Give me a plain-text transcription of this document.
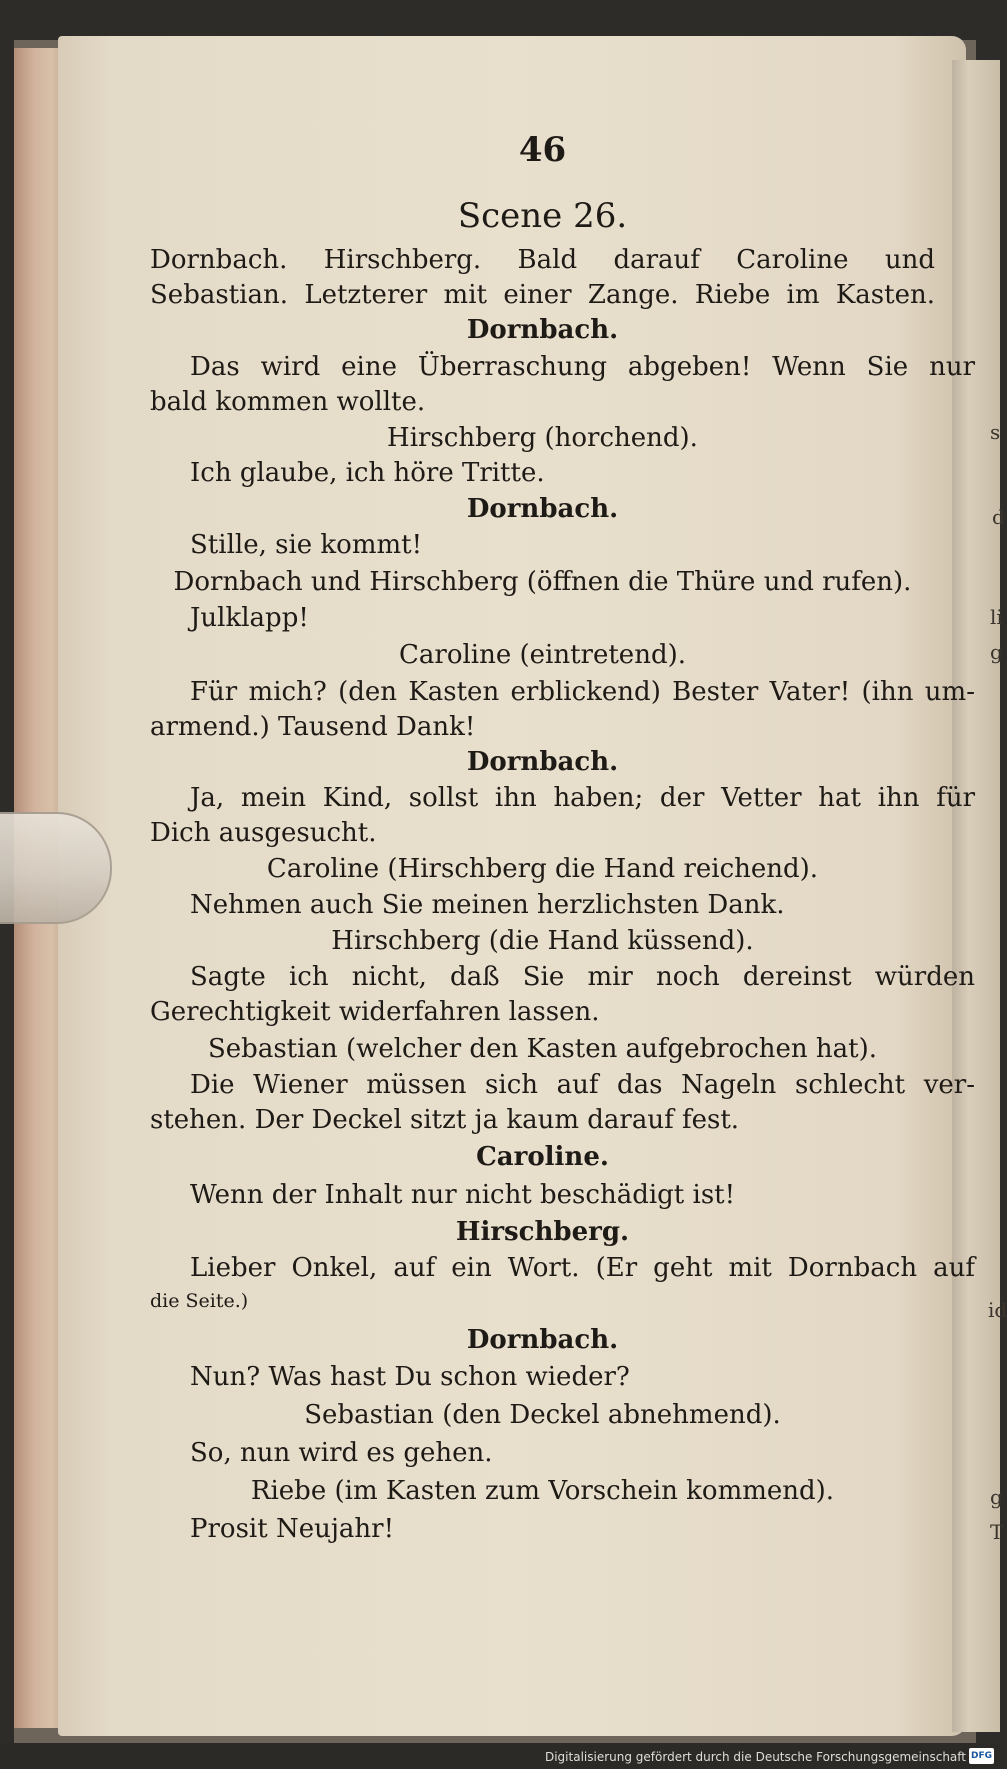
s
d
li
g
id
g
T
46
Scene 26.
Dornbach. Hirschberg. Bald darauf Caroline und
Sebastian. Letzterer mit einer Zange. Riebe im Kasten.
Dornbach.
Das wird eine Überraschung abgeben! Wenn Sie nur
bald kommen wollte.
Hirschberg (horchend).
Ich glaube, ich höre Tritte.
Dornbach.
Stille, sie kommt!
Dornbach und Hirschberg (öffnen die Thüre und rufen).
Julklapp!
Caroline (eintretend).
Für mich? (den Kasten erblickend) Bester Vater! (ihn um-
armend.) Tausend Dank!
Dornbach.
Ja, mein Kind, sollst ihn haben; der Vetter hat ihn für
Dich ausgesucht.
Caroline (Hirschberg die Hand reichend).
Nehmen auch Sie meinen herzlichsten Dank.
Hirschberg (die Hand küssend).
Sagte ich nicht, daß Sie mir noch dereinst würden
Gerechtigkeit widerfahren lassen.
Sebastian (welcher den Kasten aufgebrochen hat).
Die Wiener müssen sich auf das Nageln schlecht ver-
stehen. Der Deckel sitzt ja kaum darauf fest.
Caroline.
Wenn der Inhalt nur nicht beschädigt ist!
Hirschberg.
Lieber Onkel, auf ein Wort. (Er geht mit Dornbach auf
die Seite.)
Dornbach.
Nun? Was hast Du schon wieder?
Sebastian (den Deckel abnehmend).
So, nun wird es gehen.
Riebe (im Kasten zum Vorschein kommend).
Prosit Neujahr!
Digitalisierung gefördert durch die Deutsche Forschungsgemeinschaft DFG
